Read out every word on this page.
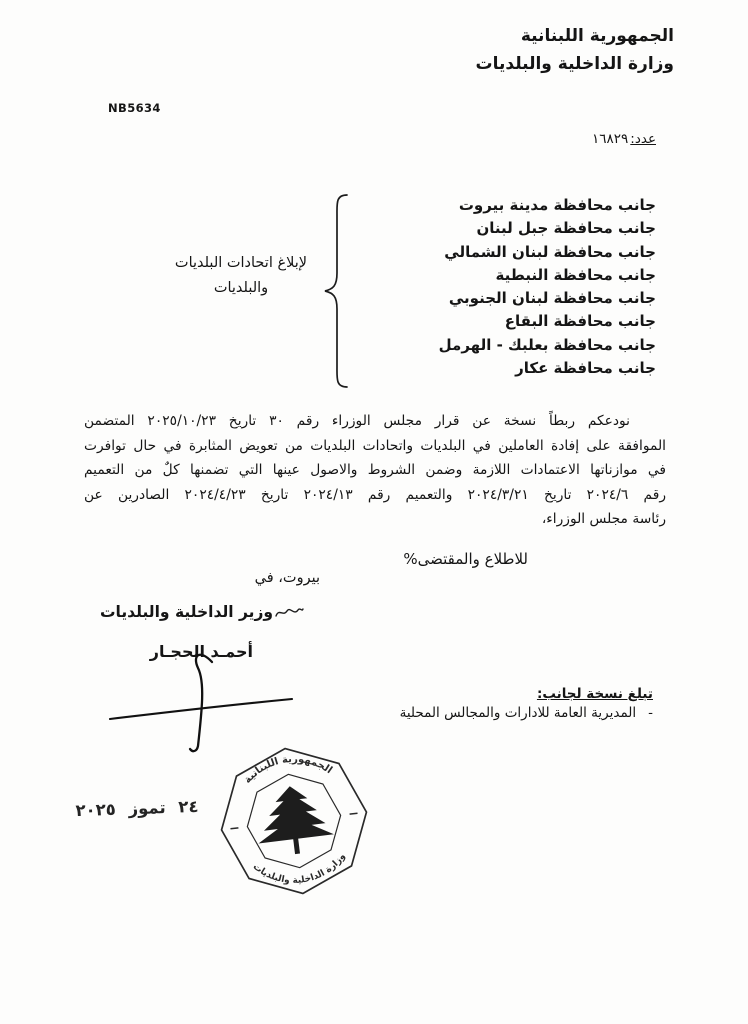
الجمهورية اللبنانية
وزارة الداخلية والبلديات
NB5634
عدد:١٦٨٢٩
جانب محافظة مدينة بيروت
جانب محافظة جبل لبنان
جانب محافظة لبنان الشمالي
جانب محافظة النبطية
جانب محافظة لبنان الجنوبي
جانب محافظة البقاع
جانب محافظة بعلبك - الهرمل
جانب محافظة عكار
لإبلاغ اتحادات البلديات
والبلديات
نودعكم ربطاً نسخة عن قرار مجلس الوزراء رقم ٣٠ تاريخ ٢٠٢٥/١٠/٢٣ المتضمن
الموافقة على إفادة العاملين في البلديات واتحادات البلديات من تعويض المثابرة في حال توافرت
في موازناتها الاعتمادات اللازمة وضمن الشروط والاصول عينها التي تضمنها كلٌ من التعميم
رقم ٢٠٢٤/٦ تاريخ ٢٠٢٤/٣/٢١ والتعميم رقم ٢٠٢٤/١٣ تاريخ ٢٠٢٤/٤/٢٣ الصادرين عن
رئاسة مجلس الوزراء،
للاطلاع والمقتضى%
بيروت، في
وزير الداخلية والبلديات
أحمـد الحجـار
تبلغ نسخة لجانب:
-المديرية العامة للادارات والمجالس المحلية
الجمهورية اللبنانية
وزارة الداخلية والبلديات
٢٤ تموز ٢٠٢٥
